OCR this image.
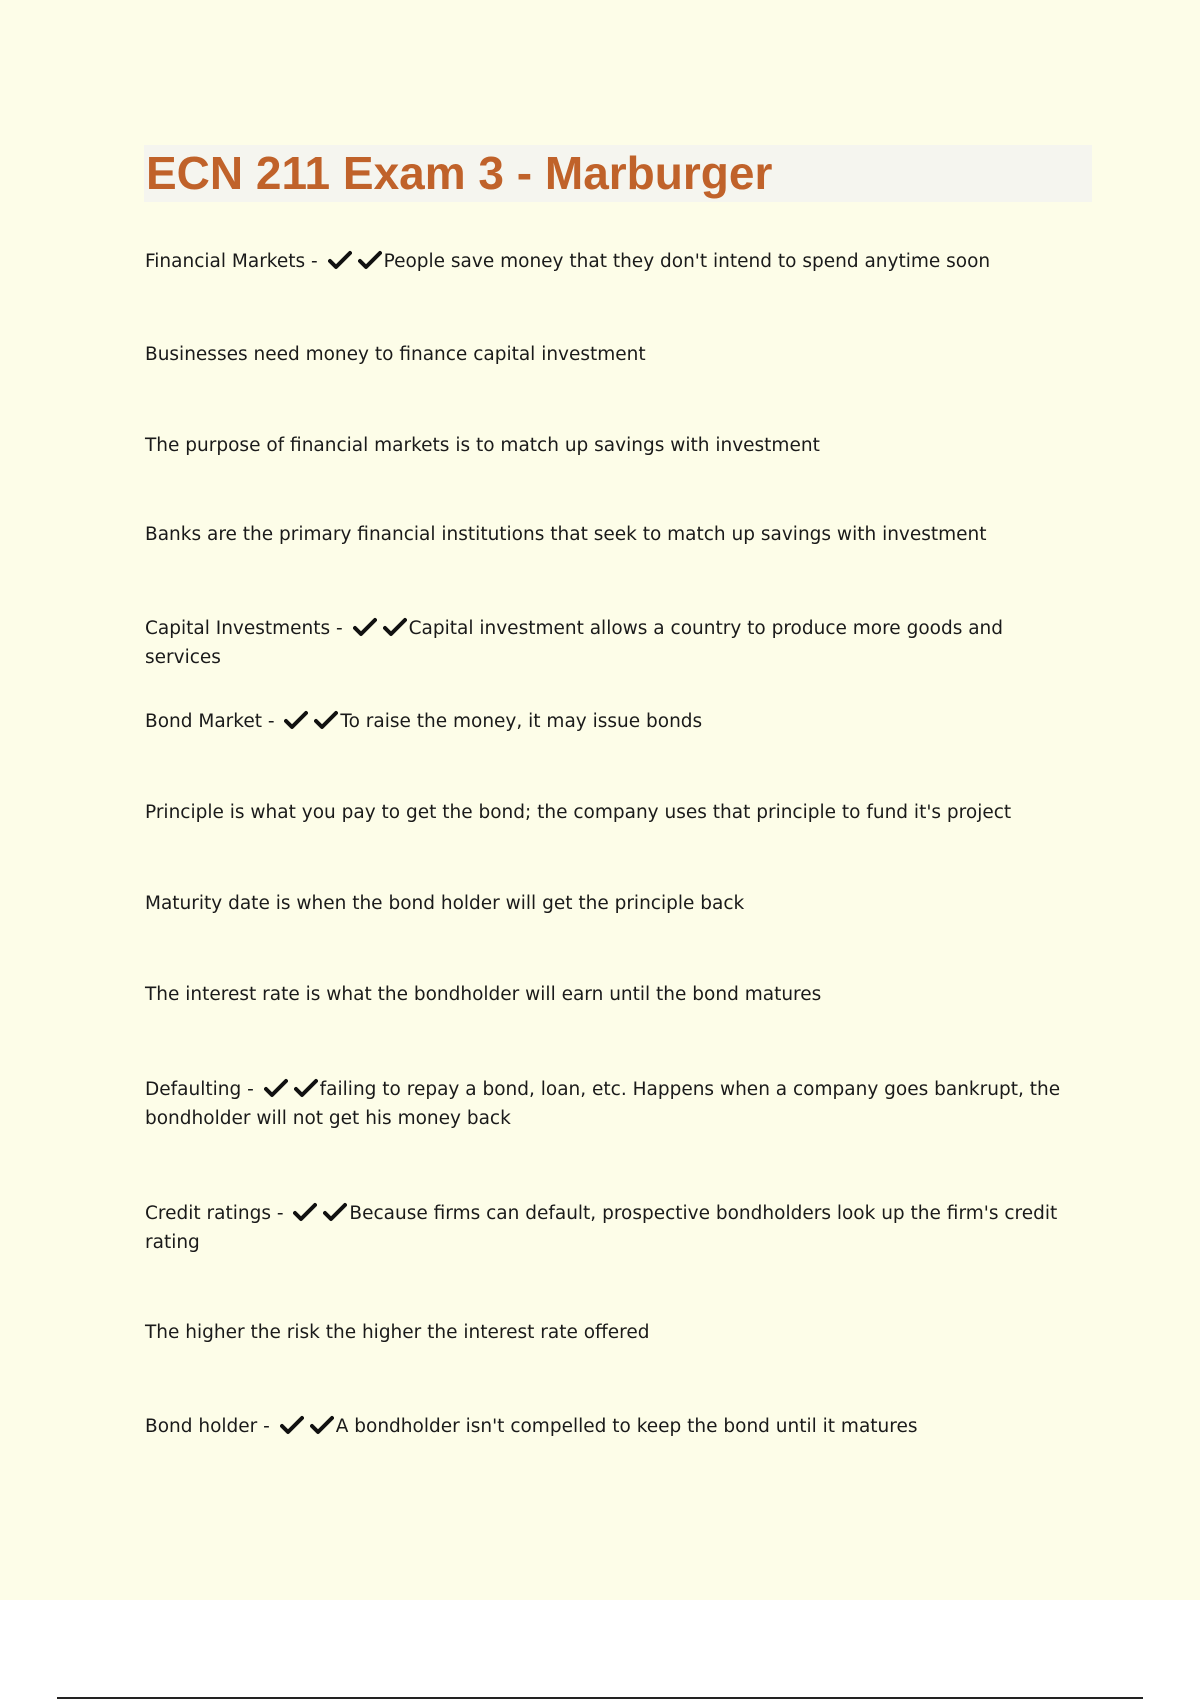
ECN 211 Exam 3 - Marburger
Financial Markets -	People save money that they don't intend to spend anytime soon
Businesses need money to finance capital investment
The purpose of financial markets is to match up savings with investment
Banks are the primary financial institutions that seek to match up savings with investment
Capital Investments -	Capital investment allows a country to produce more goods and services
Bond Market -	To raise the money, it may issue bonds
Principle is what you pay to get the bond; the company uses that principle to fund it's project
Maturity date is when the bond holder will get the principle back
The interest rate is what the bondholder will earn until the bond matures
Defaulting -	failing to repay a bond, loan, etc. Happens when a company goes bankrupt, the bondholder will not get his money back
Credit ratings -	Because firms can default, prospective bondholders look up the firm's credit rating
The higher the risk the higher the interest rate offered
Bond holder -	A bondholder isn't compelled to keep the bond until it matures
